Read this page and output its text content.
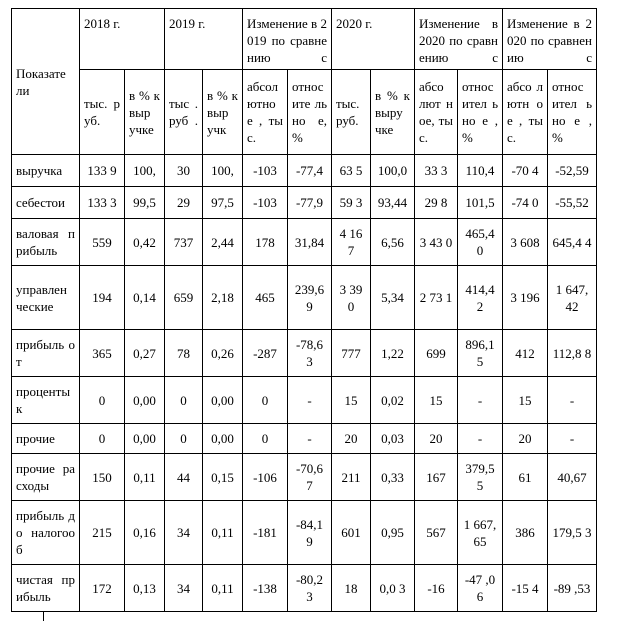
Показате ли	2018 г.		2019 г.		Изменение в 2019 по сравнению с		2020 г.		Изменение в 2020 по сравнению с		Изменение в 2020 по сравнению с	
	тыс. руб.	в % к выр учке	тыс . руб .	в % к выр учк	абсол ютно е , тыс.	относ ите льно е, %	тыс. руб.	в % к выру чке	абсо лют ное, тыс.	относ ител ьно е , %	абсо лютн о е , тыс.	относ ител ьно е , %
выручка	133 9	100,	30	100,	-103	-77,4	63 5	100,0	33 3	110,4	-70 4	-52,59
себестои	133 3	99,5	29	97,5	-103	-77,9	59 3	93,44	29 8	101,5	-74 0	-55,52
валовая прибыль	559	0,42	737	2,44	178	31,84	4 16 7	6,56	3 43 0	465,4 0	3 608	645,4 4
управлен ческие	194	0,14	659	2,18	465	239,6 9	3 39 0	5,34	2 73 1	414,4 2	3 196	1 647, 42
прибыль о т	365	0,27	78	0,26	-287	-78,6 3	777	1,22	699	896,1 5	412	112,8 8
проценты к	0	0,00	0	0,00	0	-	15	0,02	15	-	15	-
прочие	0	0,00	0	0,00	0	-	20	0,03	20	-	20	-
прочие расходы	150	0,11	44	0,15	-106	-70,6 7	211	0,33	167	379,5 5	61	40,67
прибыль до налогооб	215	0,16	34	0,11	-181	-84,1 9	601	0,95	567	1 667, 65	386	179,5 3
чистая прибыль	172	0,13	34	0,11	-138	-80,2 3	18	0,0 3	-16	-47 ,06	-15 4	-89 ,53
